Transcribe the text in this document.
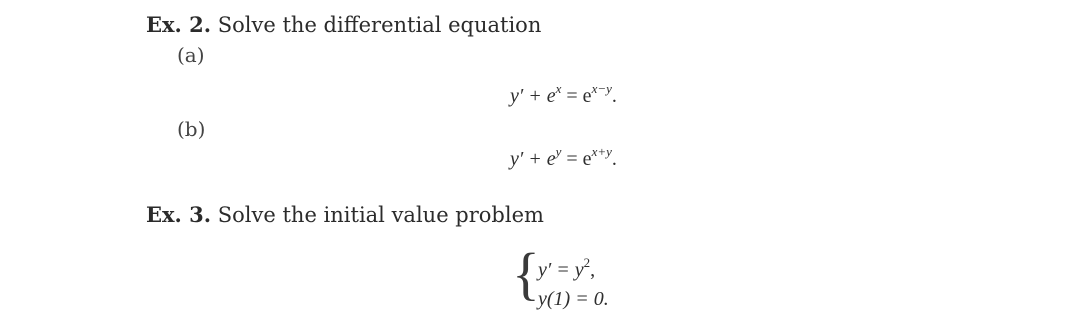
Ex. 2. Solve the differential equation
(a)
$y' + e^x = e^{x-y}$.
(b)
$y' + e^y = e^{x+y}$.
Ex. 3. Solve the initial value problem
{
$y' = y^2$,
y(1) = 0.
